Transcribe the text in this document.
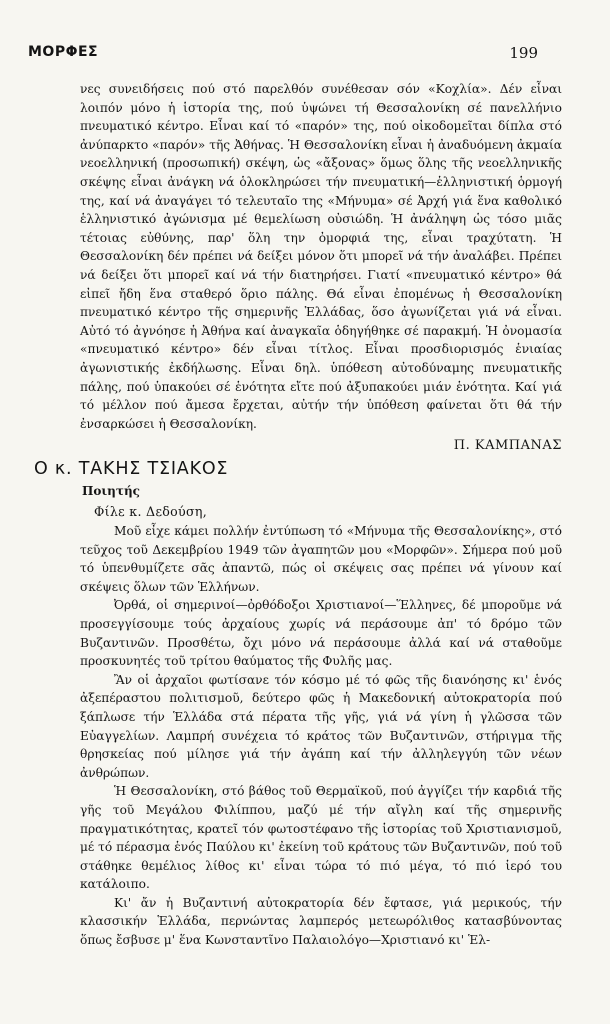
ΜΟΡΦΕΣ	199

νες συνειδήσεις πού στό παρελθόν συνέθεσαν σόν «Κοχλία». Δέν εἶναι λοιπόν μόνο ἡ ἱστορία της, πού ὑψώνει τή Θεσσαλονίκη σέ πανελλήνιο πνευματικό κέντρο. Εἶναι καί τό «παρόν» της, πού οἰκοδομεῖται δίπλα στό ἀνύπαρκτο «παρόν» τῆς Ἀθήνας. Ἡ Θεσσαλονίκη εἶναι ἡ ἀναδυόμενη ἀκμαία νεοελληνική (προσωπική) σκέψη, ὡς «ἄξονας» ὅμως ὅλης τῆς νεοελληνικῆς σκέψης εἶναι ἀνάγκη νά ὁλοκληρώσει τήν πνευματική—ἑλληνιστική ὁρμογή της, καί νά ἀναγάγει τό τελευταῖο της «Μήνυμα» σέ Ἀρχή γιά ἕνα καθολικό ἑλληνιστικό ἀγώνισμα μέ θεμελίωση οὐσιώδη. Ἡ ἀνάληψη ὡς τόσο μιᾶς τέτοιας εὐθύνης, παρ' ὅλη την ὀμορφιά της, εἶναι τραχύτατη. Ἡ Θεσσαλονίκη δέν πρέπει νά δείξει μόνον ὅτι μπορεῖ νά τήν ἀναλάβει. Πρέπει νά δείξει ὅτι μπορεῖ καί νά τήν διατηρήσει. Γιατί «πνευματικό κέντρο» θά εἰπεῖ ἤδη ἕνα σταθερό ὅριο πάλης. Θά εἶναι ἐπομένως ἡ Θεσσαλονίκη πνευματικό κέντρο τῆς σημερινῆς Ἑλλάδας, ὅσο ἀγωνίζεται γιά νά εἶναι. Αὐτό τό ἀγνόησε ἡ Ἀθήνα καί ἀναγκαῖα ὁδηγήθηκε σέ παρακμή. Ἡ ὀνομασία «πνευματικό κέντρο» δέν εἶναι τίτλος. Εἶναι προσδιορισμός ἑνιαίας ἀγωνιστικής ἐκδήλωσης. Εἶναι δηλ. ὑπόθεση αὐτοδύναμης πνευματικῆς πάλης, πού ὑπακούει σέ ἑνότητα εἴτε πού ἀξυπακούει μιάν ἑνότητα. Καί γιά τό μέλλον πού ἄμεσα ἔρχεται, αὐτήν τήν ὑπόθεση φαίνεται ὅτι θά τήν ἐνσαρκώσει ἡ Θεσσαλονίκη.

Π. ΚΑΜΠΑΝΑΣ
Ο κ. ΤΑΚΗΣ ΤΣΙΑΚΟΣ
Ποιητής
Φίλε κ. Δεδούση,

Μοῦ εἶχε κάμει πολλήν ἐντύπωση τό «Μήνυμα τῆς Θεσσαλονίκης», στό τεῦχος τοῦ Δεκεμβρίου 1949 τῶν ἀγαπητῶν μου «Μορφῶν». Σήμερα πού μοῦ τό ὑπενθυμίζετε σᾶς ἀπαντῶ, πώς οἱ σκέψεις σας πρέπει νά γίνουν καί σκέψεις ὅλων τῶν Ἑλλήνων.

Ὀρθά, οἱ σημερινοί—ὀρθόδοξοι Χριστιανοί—Ἕλληνες, δέ μποροῦμε νά προσεγγίσουμε τούς ἀρχαίους χωρίς νά περάσουμε ἀπ' τό δρόμο τῶν Βυζαντινῶν. Προσθέτω, ὄχι μόνο νά περάσουμε ἀλλά καί νά σταθοῦμε προσκυνητές τοῦ τρίτου θαύματος τῆς Φυλῆς μας.

Ἂν οἱ ἀρχαῖοι φωτίσανε τόν κόσμο μέ τό φῶς τῆς διανόησης κι' ἑνός ἀξεπέραστου πολιτισμοῦ, δεύτερο φῶς ἡ Μακεδονική αὐτοκρατορία πού ξάπλωσε τήν Ἑλλάδα στά πέρατα τῆς γῆς, γιά νά γίνη ἡ γλῶσσα τῶν Εὐαγγελίων. Λαμπρή συνέχεια τό κράτος τῶν Βυζαντινῶν, στήριγμα τῆς θρησκείας πού μίλησε γιά τήν ἀγάπη καί τήν ἀλληλεγγύη τῶν νέων ἀνθρώπων.

Ἡ Θεσσαλονίκη, στό βάθος τοῦ Θερμαϊκοῦ, πού ἀγγίζει τήν καρδιά τῆς γῆς τοῦ Μεγάλου Φιλίππου, μαζύ μέ τήν αἴγλη καί τῆς σημερινῆς πραγματικότητας, κρατεῖ τόν φωτοστέφανο τῆς ἱστορίας τοῦ Χριστιανισμοῦ, μέ τό πέρασμα ἑνός Παύλου κι' ἐκείνη τοῦ κράτους τῶν Βυζαντινῶν, πού τοῦ στάθηκε θεμέλιος λίθος κι' εἶναι τώρα τό πιό μέγα, τό πιό ἱερό του κατάλοιπο.

Κι' ἄν ἡ Βυζαντινή αὐτοκρατορία δέν ἔφτασε, γιά μερικούς, τήν κλασσικήν Ἑλλάδα, περνώντας λαμπερός μετεωρόλιθος κατασβύνοντας ὅπως ἔσβυσε μ' ἕνα Κωνσταντῖνο Παλαιολόγο—Χριστιανό κι' Ἑλ-
